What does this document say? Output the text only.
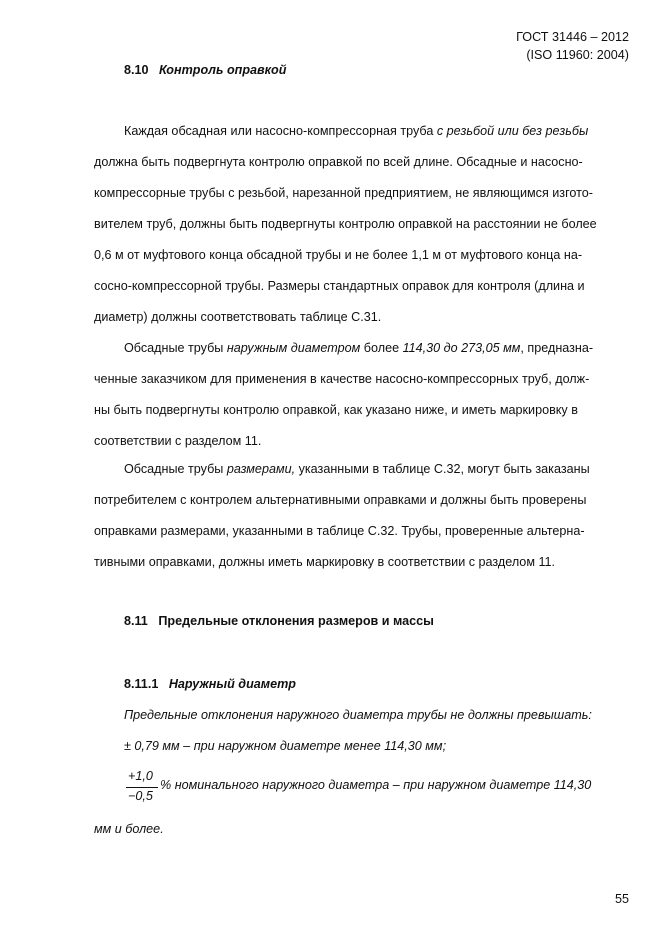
ГОСТ 31446 – 2012
(ISO 11960: 2004)
8.10 Контроль оправкой
Каждая обсадная или насосно-компрессорная труба с резьбой или без резьбы
должна быть подвергнута контролю оправкой по всей длине. Обсадные и насосно-
компрессорные трубы с резьбой, нарезанной предприятием, не являющимся изгото-
вителем труб, должны быть подвергнуты контролю оправкой на расстоянии не более
0,6 м от муфтового конца обсадной трубы и не более 1,1 м от муфтового конца на-
сосно-компрессорной трубы. Размеры стандартных оправок для контроля (длина и
диаметр) должны соответствовать таблице С.31.
Обсадные трубы наружным диаметром более 114,30 до 273,05 мм, предназна-
ченные заказчиком для применения в качестве насосно-компрессорных труб, долж-
ны быть подвергнуты контролю оправкой, как указано ниже, и иметь маркировку в
соответствии с разделом 11.
Обсадные трубы размерами, указанными в таблице С.32, могут быть заказаны
потребителем с контролем альтернативными оправками и должны быть проверены
оправками размерами, указанными в таблице С.32. Трубы, проверенные альтерна-
тивными оправками, должны иметь маркировку в соответствии с разделом 11.
8.11 Предельные отклонения размеров и массы
8.11.1 Наружный диаметр
Предельные отклонения наружного диаметра трубы не должны превышать:
± 0,79 мм – при наружном диаметре менее 114,30 мм;
+1,0
−0,5
% номинального наружного диаметра – при наружном диаметре 114,30
мм и более.
55
